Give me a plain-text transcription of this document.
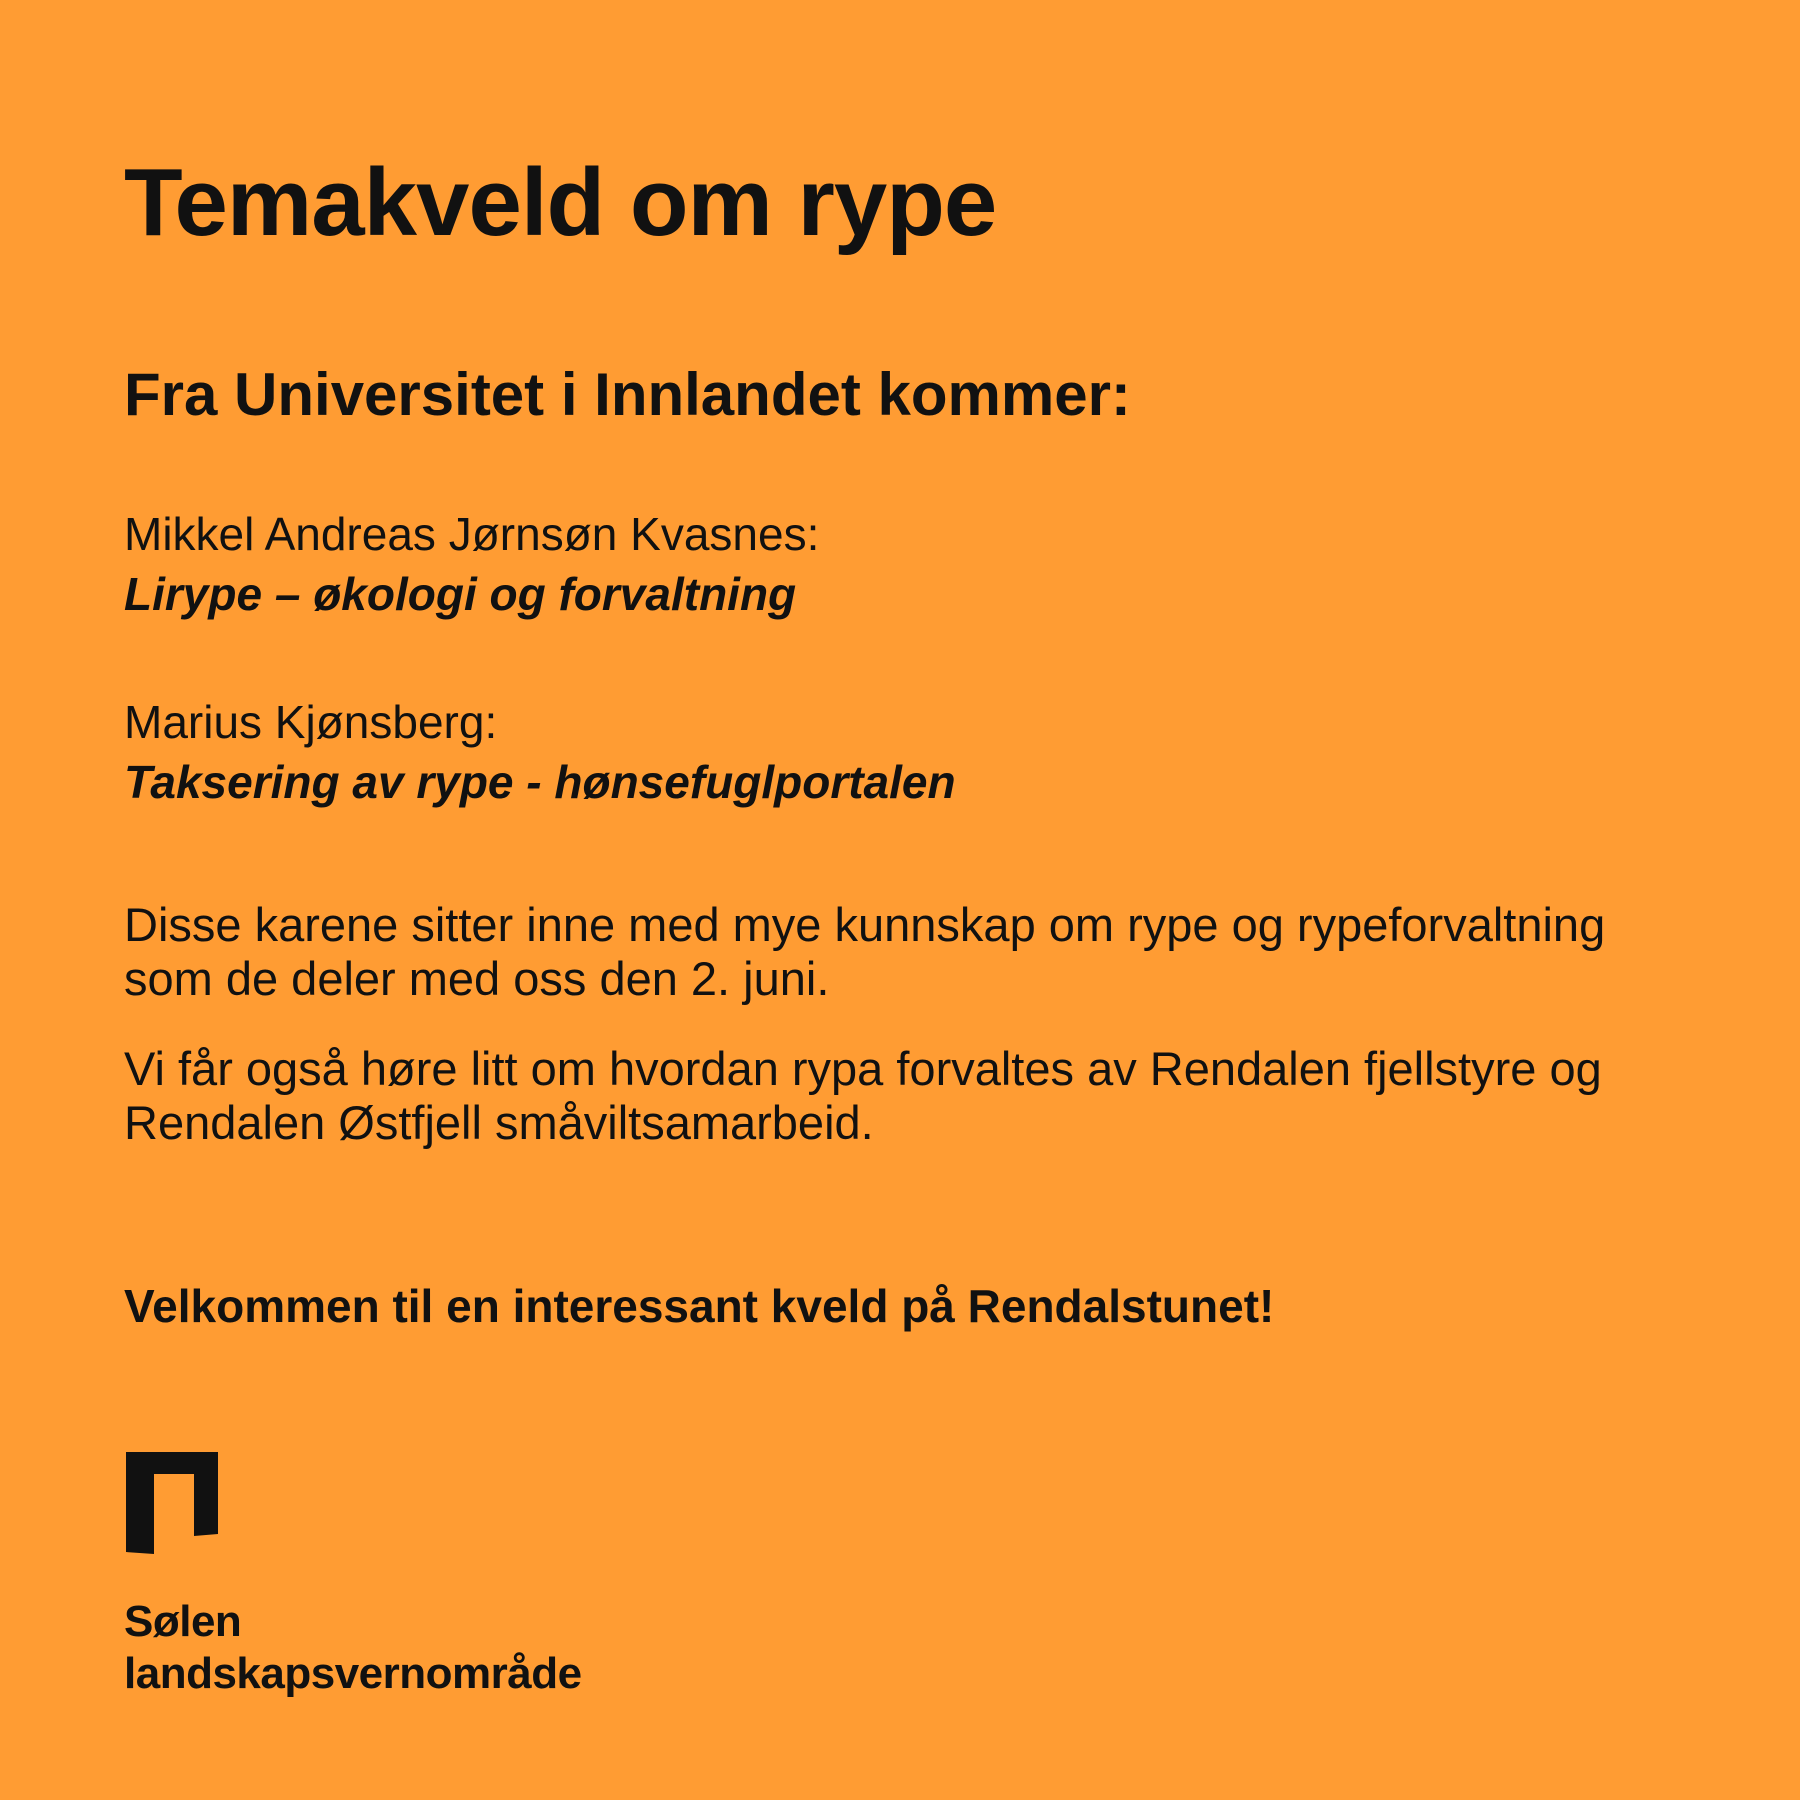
Temakveld om rype
Fra Universitet i Innlandet kommer:
Mikkel Andreas Jørnsøn Kvasnes:
Lirype – økologi og forvaltning
Marius Kjønsberg:
Taksering av rype - hønsefuglportalen

Disse karene sitter inne med mye kunnskap om rype og rypeforvaltning som de deler med oss den 2. juni.

Vi får også høre litt om hvordan rypa forvaltes av Rendalen fjellstyre og Rendalen Østfjell småviltsamarbeid.

Velkommen til en interessant kveld på Rendalstunet!

Sølen
landskapsvernområde
